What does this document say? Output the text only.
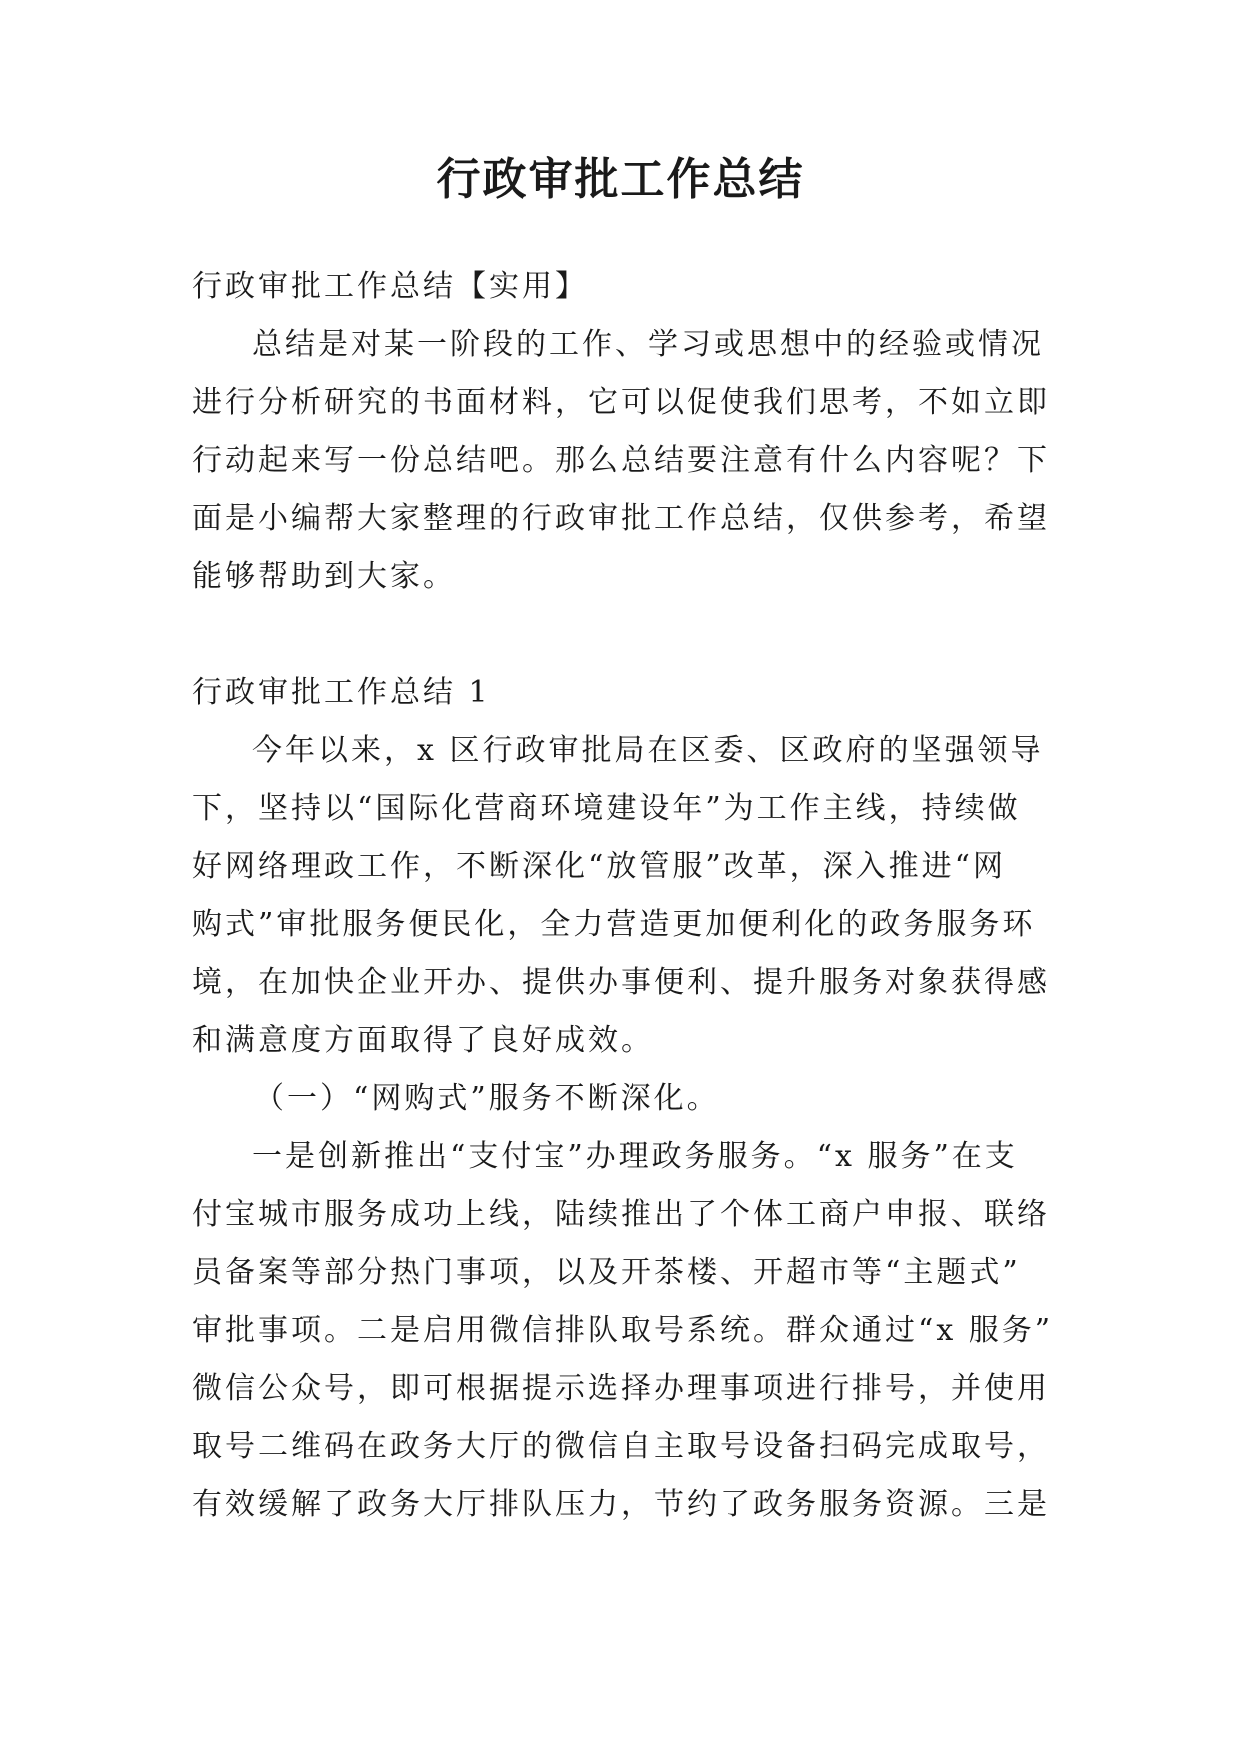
行政审批工作总结
行政审批工作总结【实用】
总结是对某一阶段的工作、学习或思想中的经验或情况
进行分析研究的书面材料，它可以促使我们思考，不如立即
行动起来写一份总结吧。那么总结要注意有什么内容呢？下
面是小编帮大家整理的行政审批工作总结，仅供参考，希望
能够帮助到大家。
行政审批工作总结 1
今年以来，x 区行政审批局在区委、区政府的坚强领导
下，坚持以“国际化营商环境建设年”为工作主线，持续做
好网络理政工作，不断深化“放管服”改革，深入推进“网
购式”审批服务便民化，全力营造更加便利化的政务服务环
境，在加快企业开办、提供办事便利、提升服务对象获得感
和满意度方面取得了良好成效。
（一）“网购式”服务不断深化。
一是创新推出“支付宝”办理政务服务。“x 服务”在支
付宝城市服务成功上线，陆续推出了个体工商户申报、联络
员备案等部分热门事项，以及开茶楼、开超市等“主题式”
审批事项。二是启用微信排队取号系统。群众通过“x 服务”
微信公众号，即可根据提示选择办理事项进行排号，并使用
取号二维码在政务大厅的微信自主取号设备扫码完成取号，
有效缓解了政务大厅排队压力，节约了政务服务资源。三是
